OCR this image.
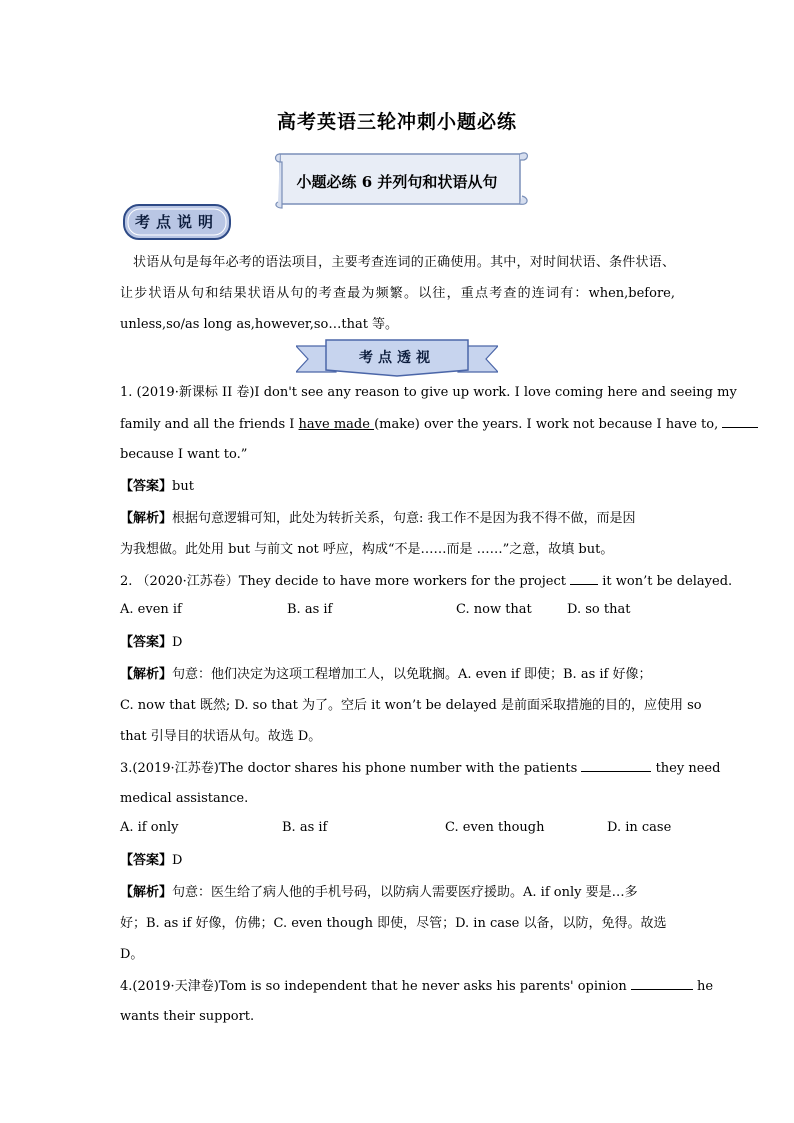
高考英语三轮冲刺小题必练
小题必练 6 并列句和状语从句
考点说明
状语从句是每年必考的语法项目，主要考查连词的正确使用。其中，对时间状语、条件状语、让步状语从句和结果状语从句的考查最为频繁。以往，重点考查的连词有：when,before, unless,so/as long as,however,so…that 等。
考点透视
1. (2019·新课标 II 卷)I don't see any reason to give up work. I love coming here and seeing my
family and all the friends I have made (make) over the years. I work not because I have to,
because I want to.”
【答案】but
【解析】根据句意逻辑可知，此处为转折关系，句意: 我工作不是因为我不得不做，而是因
为我想做。此处用 but 与前文 not 呼应，构成“不是……而是 ……”之意，故填 but。
2. （2020·江苏卷）They decide to have more workers for the project  it won’t be delayed.
A. even if	B. as if	C. now that	D. so that
【答案】D
【解析】句意：他们决定为这项工程增加工人，以免耽搁。A. even if 即使；B. as if 好像；
C. now that 既然; D. so that 为了。空后 it won’t be delayed 是前面采取措施的目的，应使用 so
that 引导目的状语从句。故选 D。
3.(2019·江苏卷)The doctor shares his phone number with the patients	they need
medical assistance.
A. if only	B. as if	C. even though	D. in case
【答案】D
【解析】句意：医生给了病人他的手机号码，以防病人需要医疗援助。A. if only 要是…多
好；B. as if 好像，仿佛；C. even though 即使，尽管；D. in case 以备，以防，免得。故选
D。
4.(2019·天津卷)Tom is so independent that he never asks his parents' opinion	he
wants their support.
